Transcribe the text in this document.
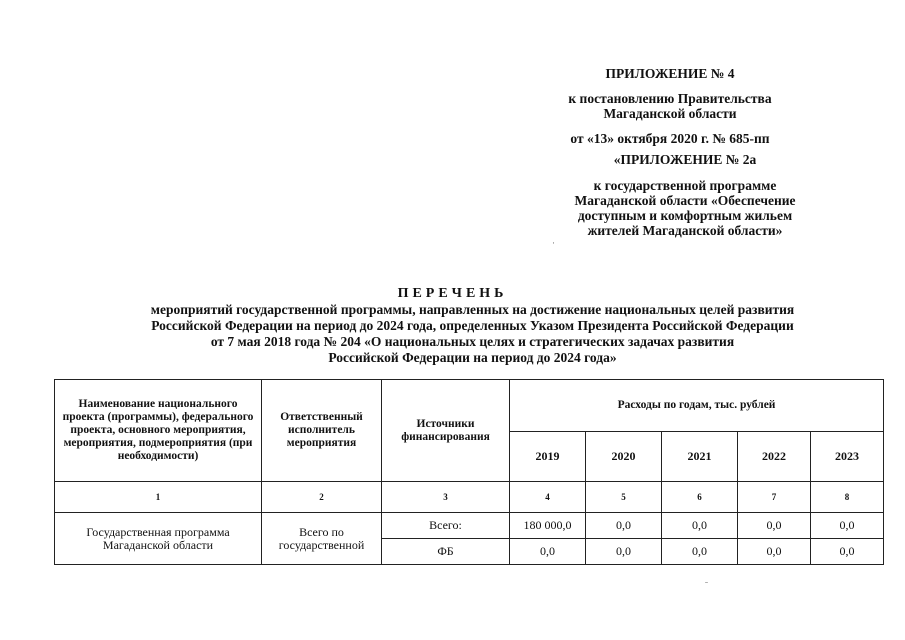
ПРИЛОЖЕНИЕ № 4
к постановлению Правительства
Магаданской области
от «13» октября 2020 г. № 685-пп
«ПРИЛОЖЕНИЕ № 2а
к государственной программе
Магаданской области «Обеспечение
доступным и комфортным жильем
жителей Магаданской области»
ПЕРЕЧЕНЬ
мероприятий государственной программы, направленных на достижение национальных целей развития
Российской Федерации на период до 2024 года, определенных Указом Президента Российской Федерации
от 7 мая 2018 года № 204 «О национальных целях и стратегических задачах развития
Российской Федерации на период до 2024 года»
Наименование национального проекта (программы), федерального проекта, основного мероприятия, мероприятия, подмероприятия (при необходимости)	Ответственный исполнитель мероприятия	Источники финансирования	Расходы по годам, тыс. рублей				
			2019	2020	2021	2022	2023
1	2	3	4	5	6	7	8
Государственная программа Магаданской области	Всего по государственной	Всего:	180 000,0	0,0	0,0	0,0	0,0
		ФБ	0,0	0,0	0,0	0,0	0,0
·
ˉ
